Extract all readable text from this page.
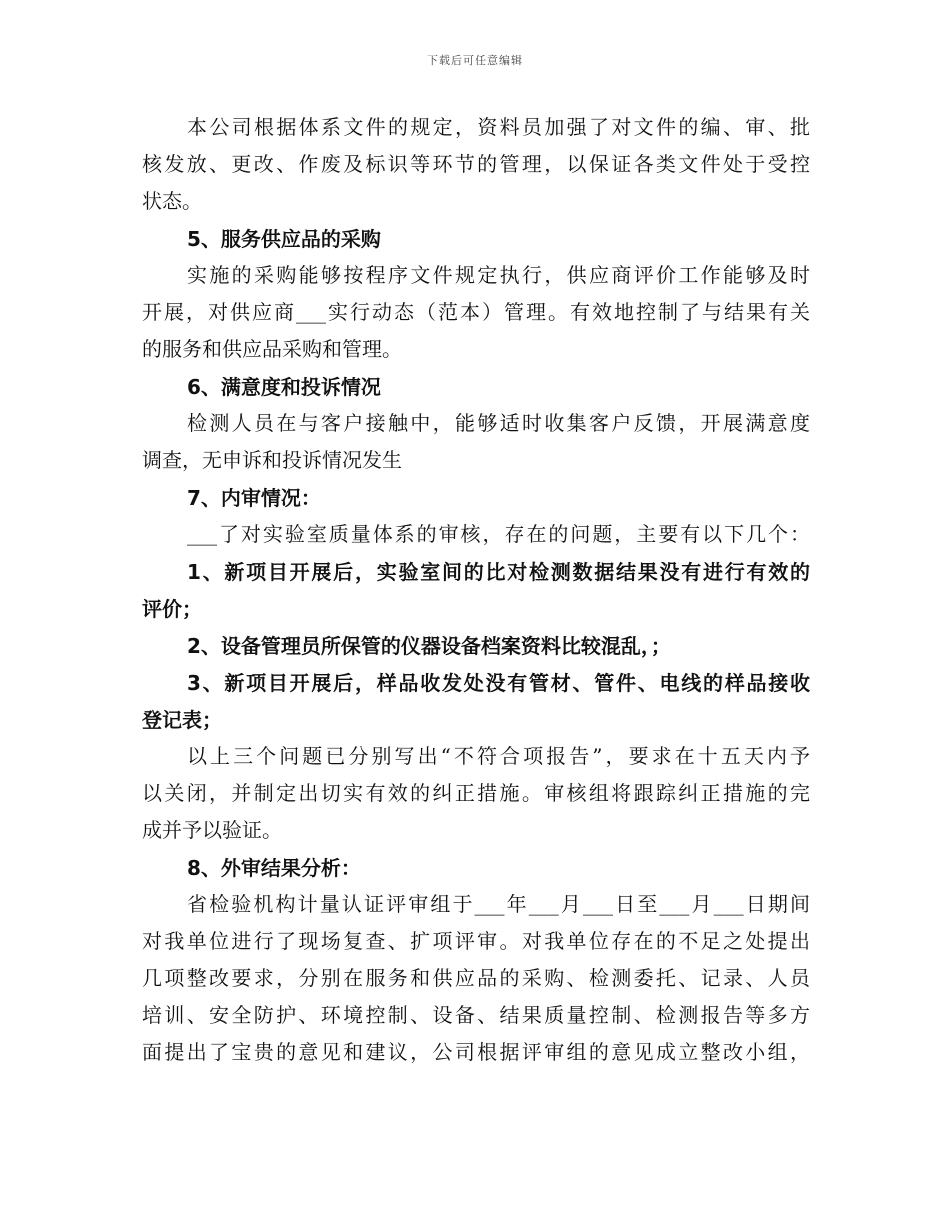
下载后可任意编辑
本公司根据体系文件的规定，资料员加强了对文件的编、审、批
核发放、更改、作废及标识等环节的管理，以保证各类文件处于受控
状态。
5、服务供应品的采购
实施的采购能够按程序文件规定执行，供应商评价工作能够及时
开展，对供应商___实行动态（范本）管理。有效地控制了与结果有关
的服务和供应品采购和管理。
6、满意度和投诉情况
检测人员在与客户接触中，能够适时收集客户反馈，开展满意度
调查，无申诉和投诉情况发生
7、内审情况：
___了对实验室质量体系的审核，存在的问题，主要有以下几个：
1、新项目开展后，实验室间的比对检测数据结果没有进行有效的
评价；
2、设备管理员所保管的仪器设备档案资料比较混乱，；
3、新项目开展后，样品收发处没有管材、管件、电线的样品接收
登记表；
以上三个问题已分别写出“不符合项报告”，要求在十五天内予
以关闭，并制定出切实有效的纠正措施。审核组将跟踪纠正措施的完
成并予以验证。
8、外审结果分析：
省检验机构计量认证评审组于___年___月___日至___月___日期间
对我单位进行了现场复查、扩项评审。对我单位存在的不足之处提出
几项整改要求，分别在服务和供应品的采购、检测委托、记录、人员
培训、安全防护、环境控制、设备、结果质量控制、检测报告等多方
面提出了宝贵的意见和建议，公司根据评审组的意见成立整改小组，
